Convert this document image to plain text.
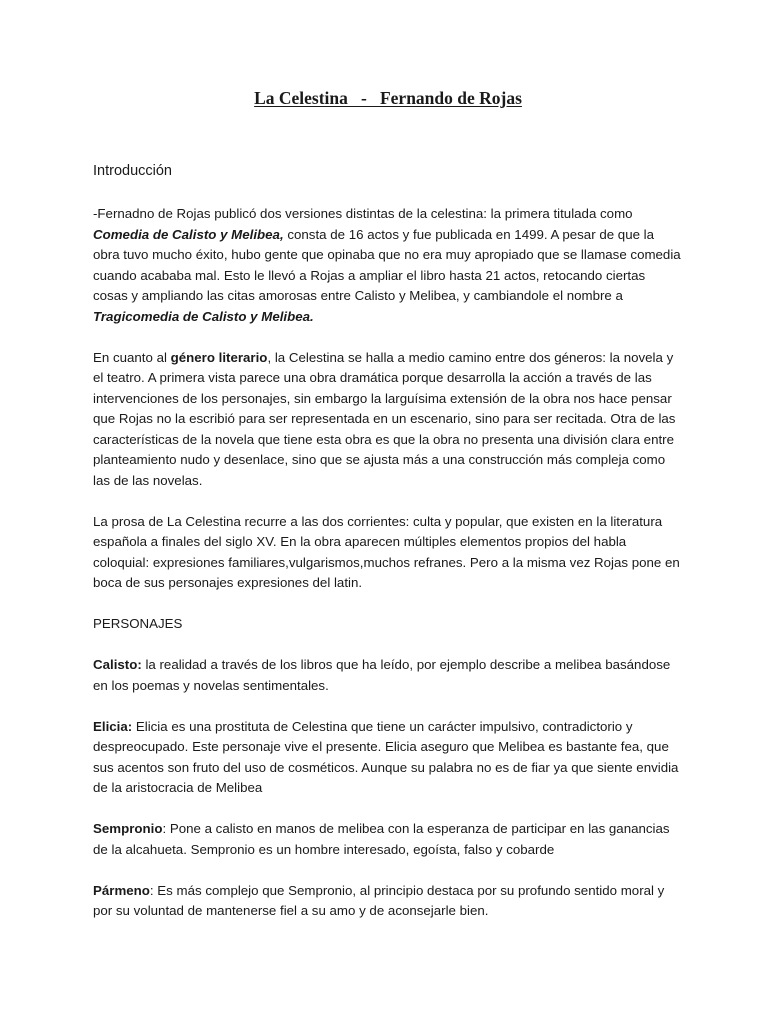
La Celestina   -   Fernando de Rojas
Introducción

-Fernadno de Rojas publicó dos versiones distintas de la celestina: la primera titulada como Comedia de Calisto y Melibea, consta de 16 actos y fue publicada en 1499. A pesar de que la obra tuvo mucho éxito, hubo gente que opinaba que no era muy apropiado que se llamase comedia cuando acababa mal. Esto le llevó a Rojas a ampliar el libro hasta 21 actos, retocando ciertas cosas y ampliando las citas amorosas entre Calisto y Melibea, y cambiandole el nombre a Tragicomedia de Calisto y Melibea.

En cuanto al género literario, la Celestina se halla a medio camino entre dos géneros: la novela y el teatro. A primera vista parece una obra dramática porque desarrolla la acción a través de las intervenciones de los personajes, sin embargo la larguísima extensión de la obra nos hace pensar que Rojas no la escribió para ser representada en un escenario, sino para ser recitada. Otra de las características de la novela que tiene esta obra es que la obra no presenta una división clara entre planteamiento nudo y desenlace, sino que se ajusta más a una construcción más compleja como las de las novelas.

La prosa de La Celestina recurre a las dos corrientes: culta y popular, que existen en la literatura española a finales del siglo XV. En la obra aparecen múltiples elementos propios del habla coloquial: expresiones familiares,vulgarismos,muchos refranes. Pero a la misma vez Rojas pone en boca de sus personajes expresiones del latin.

PERSONAJES

Calisto: la realidad a través de los libros que ha leído, por ejemplo describe a melibea basándose en los poemas y novelas sentimentales.

Elicia: Elicia es una prostituta de Celestina que tiene un carácter impulsivo, contradictorio y despreocupado. Este personaje vive el presente. Elicia aseguro que Melibea es bastante fea, que sus acentos son fruto del uso de cosméticos. Aunque su palabra no es de fiar ya que siente envidia de la aristocracia de Melibea

Sempronio: Pone a calisto en manos de melibea con la esperanza de participar en las ganancias de la alcahueta. Sempronio es un hombre interesado, egoísta, falso y cobarde

Pármeno: Es más complejo que Sempronio, al principio destaca por su profundo sentido moral y por su voluntad de mantenerse fiel a su amo y de aconsejarle bien.
